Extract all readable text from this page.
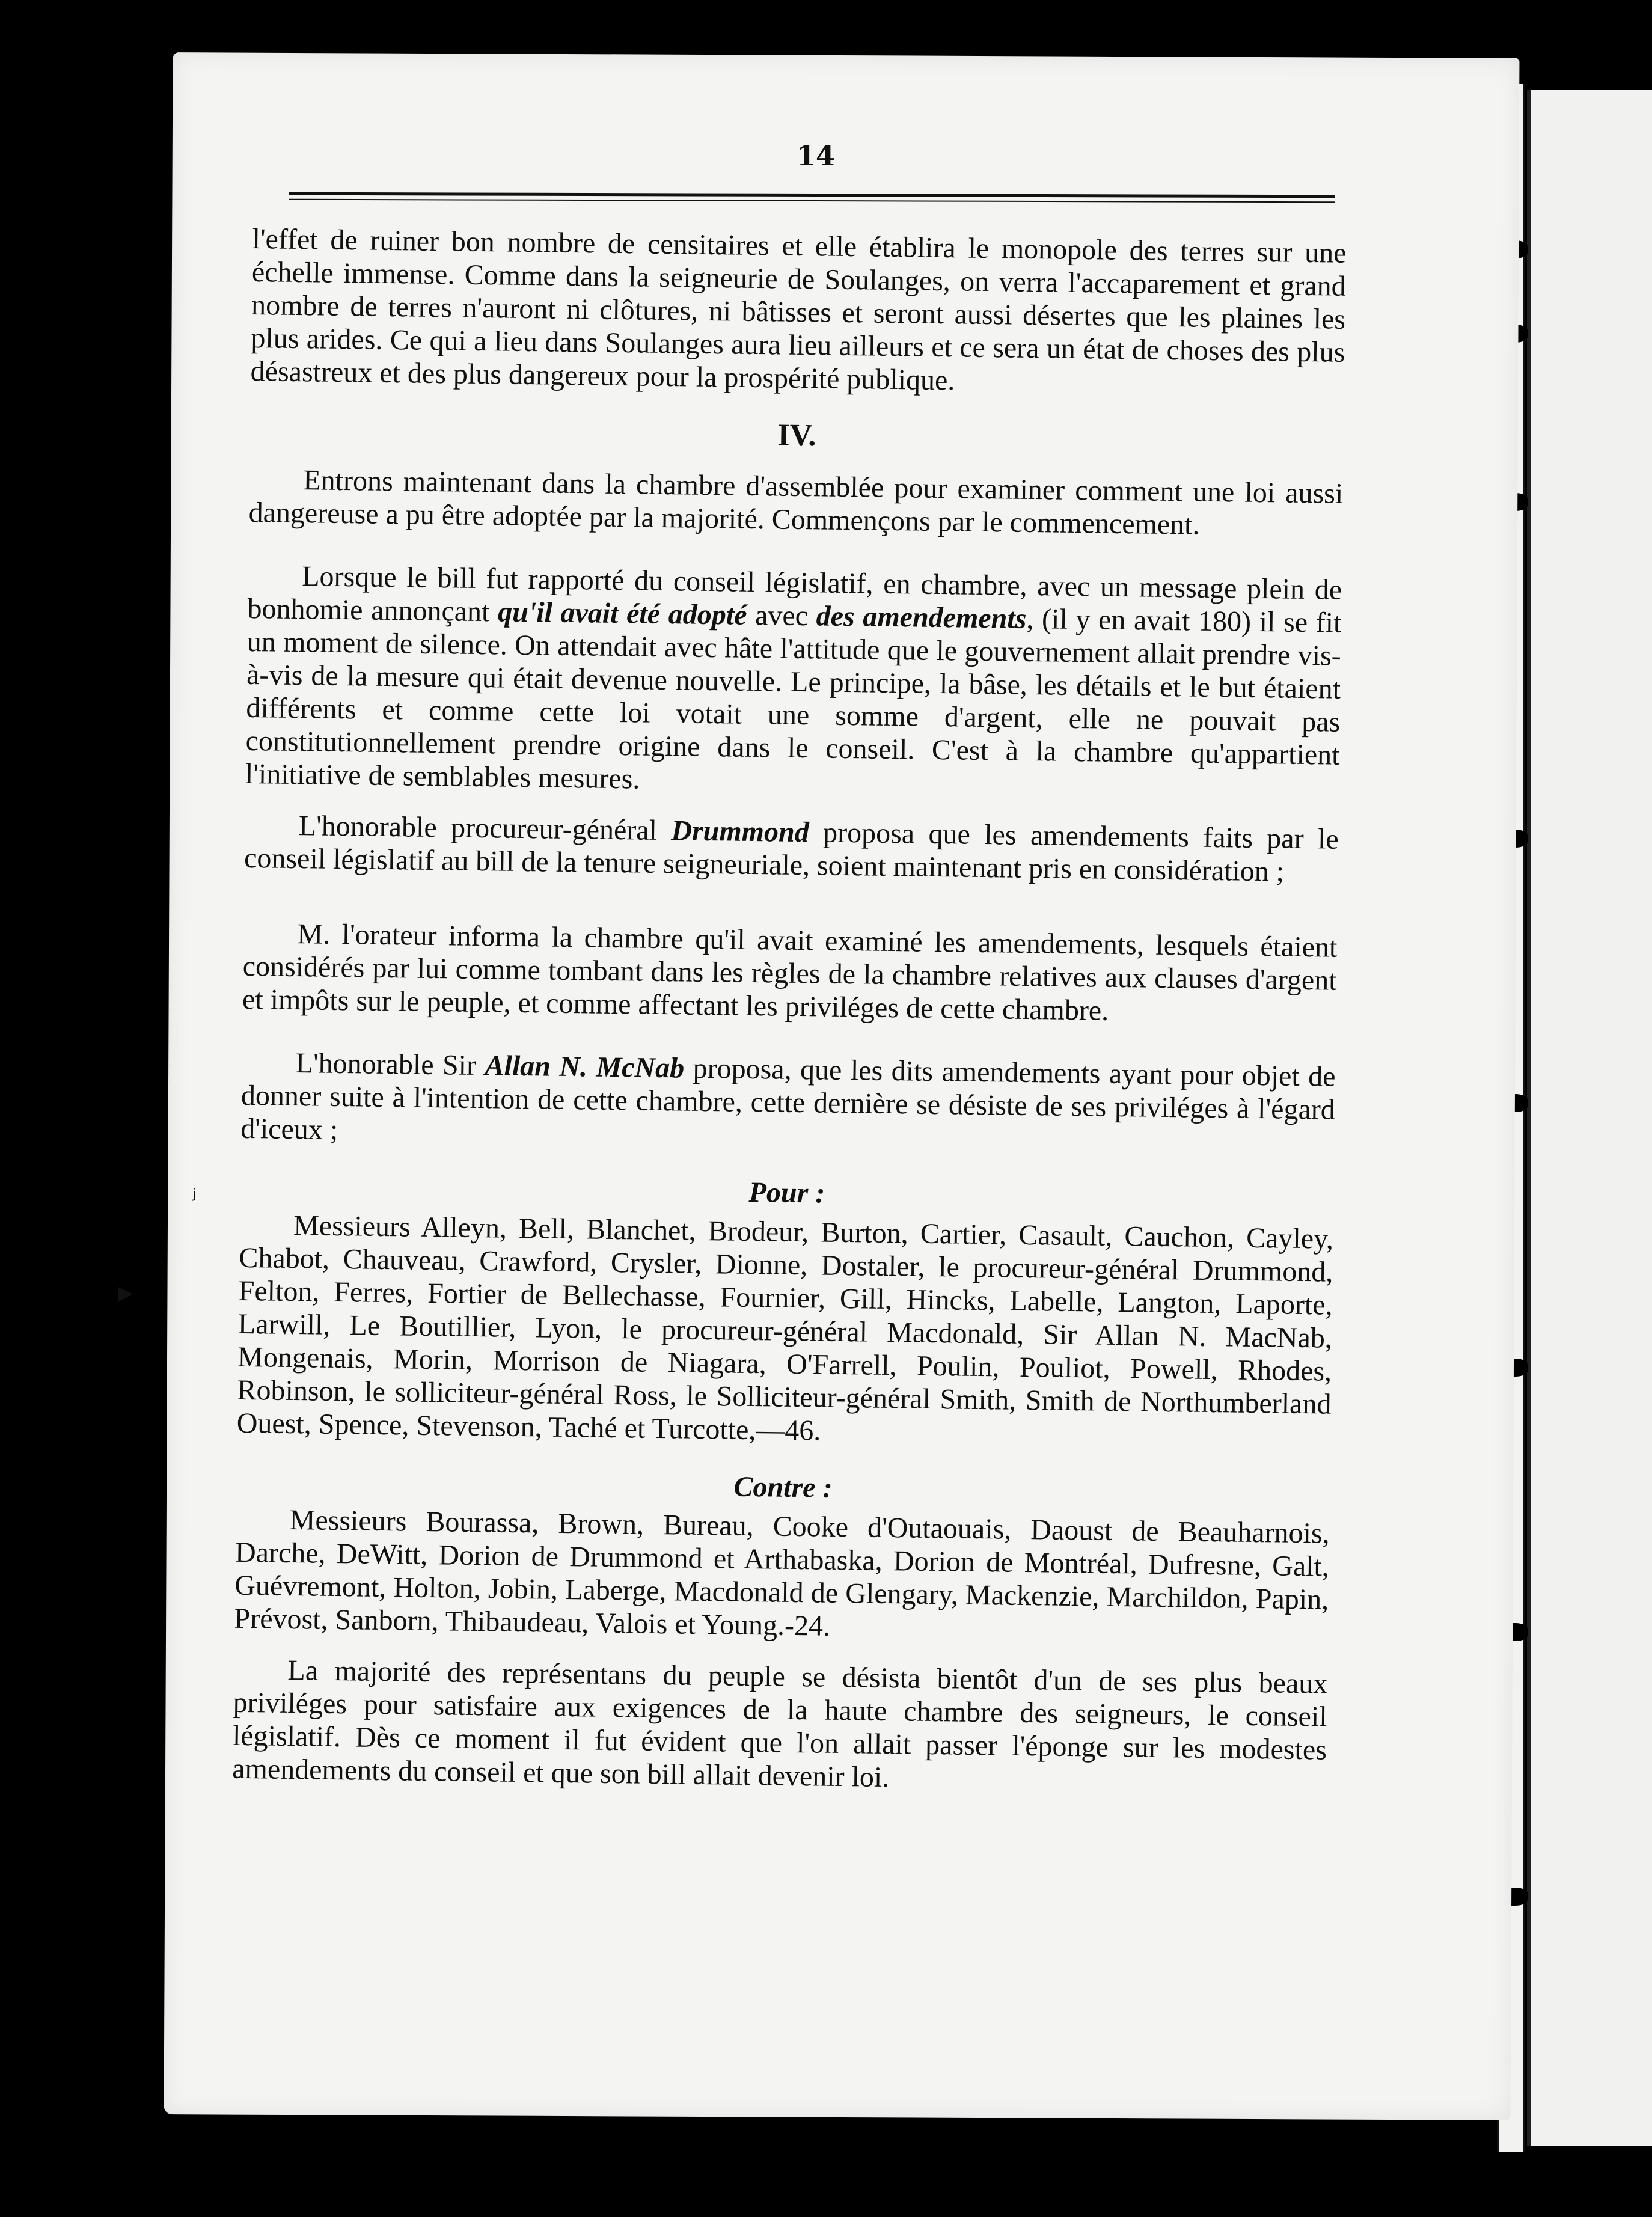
14

l'effet de ruiner bon nombre de censitaires et elle établira le monopole des terres sur une échelle immense. Comme dans la seigneurie de Soulanges, on verra l'accaparement et grand nombre de terres n'auront ni clôtures, ni bâtisses et seront aussi désertes que les plaines les plus arides. Ce qui a lieu dans Soulanges aura lieu ailleurs et ce sera un état de choses des plus désastreux et des plus dangereux pour la prospérité publique.

IV.

Entrons maintenant dans la chambre d'assemblée pour examiner comment une loi aussi dangereuse a pu être adoptée par la majorité. Commençons par le commencement.

Lorsque le bill fut rapporté du conseil législatif, en chambre, avec un message plein de bonhomie annonçant qu'il avait été adopté avec des amendements, (il y en avait 180) il se fit un moment de silence. On attendait avec hâte l'attitude que le gouvernement allait prendre vis-à-vis de la mesure qui était devenue nouvelle. Le principe, la bâse, les détails et le but étaient différents et comme cette loi votait une somme d'argent, elle ne pouvait pas constitutionnellement prendre origine dans le conseil. C'est à la chambre qu'appartient l'initiative de semblables mesures.

L'honorable procureur-général Drummond proposa que les amendements faits par le conseil législatif au bill de la tenure seigneuriale, soient maintenant pris en considération ;

M. l'orateur informa la chambre qu'il avait examiné les amendements, lesquels étaient considérés par lui comme tombant dans les règles de la chambre relatives aux clauses d'argent et impôts sur le peuple, et comme affectant les priviléges de cette chambre.

L'honorable Sir Allan N. McNab proposa, que les dits amendements ayant pour objet de donner suite à l'intention de cette chambre, cette dernière se désiste de ses priviléges à l'égard d'iceux ;

Pour :

Messieurs Alleyn, Bell, Blanchet, Brodeur, Burton, Cartier, Casault, Cauchon, Cayley, Chabot, Chauveau, Crawford, Crysler, Dionne, Dostaler, le procureur-général Drummond, Felton, Ferres, Fortier de Bellechasse, Fournier, Gill, Hincks, Labelle, Langton, Laporte, Larwill, Le Boutillier, Lyon, le procureur-général Macdonald, Sir Allan N. MacNab, Mongenais, Morin, Morrison de Niagara, O'Farrell, Poulin, Pouliot, Powell, Rhodes, Robinson, le solliciteur-général Ross, le Solliciteur-général Smith, Smith de Northumberland Ouest, Spence, Stevenson, Taché et Turcotte,—46.

Contre :

Messieurs Bourassa, Brown, Bureau, Cooke d'Outaouais, Daoust de Beauharnois, Darche, DeWitt, Dorion de Drummond et Arthabaska, Dorion de Montréal, Dufresne, Galt, Guévremont, Holton, Jobin, Laberge, Macdonald de Glengary, Mackenzie, Marchildon, Papin, Prévost, Sanborn, Thibaudeau, Valois et Young.-24.

La majorité des représentans du peuple se désista bientôt d'un de ses plus beaux priviléges pour satisfaire aux exigences de la haute chambre des seigneurs, le conseil législatif. Dès ce moment il fut évident que l'on allait passer l'éponge sur les modestes amendements du conseil et que son bill allait devenir loi.

ʲ
▸
